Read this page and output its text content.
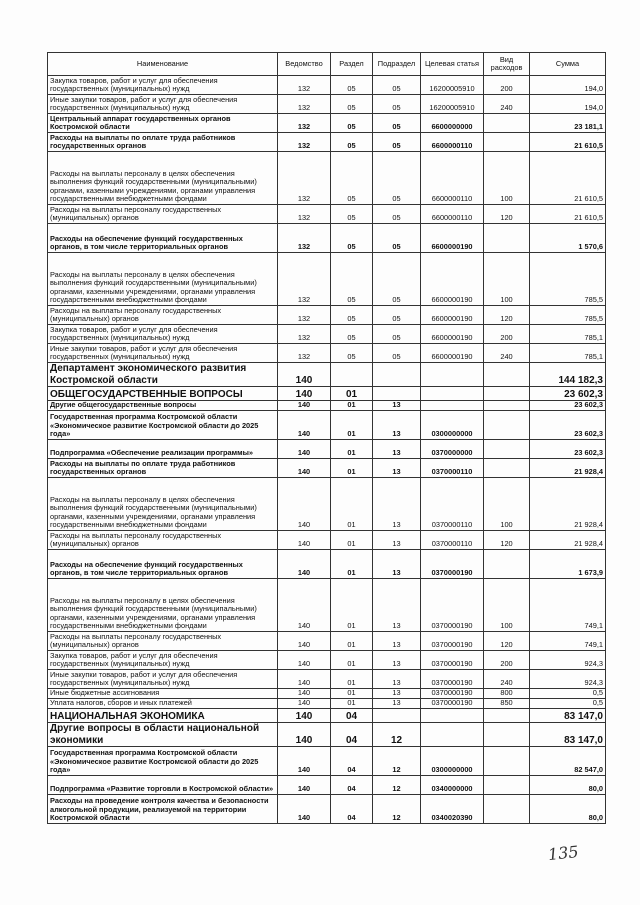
Наименование	Ведомство	Раздел	Подраздел	Целевая статья	Вид расходов	Сумма
Закупка товаров, работ и услуг для обеспечения государственных (муниципальных) нужд	132	05	05	16200005910	200	194,0
Иные закупки товаров, работ и услуг для обеспечения государственных (муниципальных) нужд	132	05	05	16200005910	240	194,0
Центральный аппарат государственных органов Костромской области	132	05	05	6600000000		23 181,1
Расходы на выплаты по оплате труда работников государственных органов	132	05	05	6600000110		21 610,5
Расходы на выплаты персоналу в целях обеспечения выполнения функций государственными (муниципальными) органами, казенными учреждениями, органами управления государственными внебюджетными фондами	132	05	05	6600000110	100	21 610,5
Расходы на выплаты персоналу государственных (муниципальных) органов	132	05	05	6600000110	120	21 610,5
Расходы на обеспечение функций государственных органов, в том числе территориальных органов	132	05	05	6600000190		1 570,6
Расходы на выплаты персоналу в целях обеспечения выполнения функций государственными (муниципальными) органами, казенными учреждениями, органами управления государственными внебюджетными фондами	132	05	05	6600000190	100	785,5
Расходы на выплаты персоналу государственных (муниципальных) органов	132	05	05	6600000190	120	785,5
Закупка товаров, работ и услуг для обеспечения государственных (муниципальных) нужд	132	05	05	6600000190	200	785,1
Иные закупки товаров, работ и услуг для обеспечения государственных (муниципальных) нужд	132	05	05	6600000190	240	785,1
Департамент экономического развития Костромской области	140					144 182,3
ОБЩЕГОСУДАРСТВЕННЫЕ ВОПРОСЫ	140	01				23 602,3
Другие общегосударственные вопросы	140	01	13			23 602,3
Государственная программа Костромской области «Экономическое развитие Костромской области до 2025 года»	140	01	13	0300000000		23 602,3
Подпрограмма «Обеспечение реализации программы»	140	01	13	0370000000		23 602,3
Расходы на выплаты по оплате труда работников государственных органов	140	01	13	0370000110		21 928,4
Расходы на выплаты персоналу в целях обеспечения выполнения функций государственными (муниципальными) органами, казенными учреждениями, органами управления государственными внебюджетными фондами	140	01	13	0370000110	100	21 928,4
Расходы на выплаты персоналу государственных (муниципальных) органов	140	01	13	0370000110	120	21 928,4
Расходы на обеспечение функций государственных органов, в том числе территориальных органов	140	01	13	0370000190		1 673,9
Расходы на выплаты персоналу в целях обеспечения выполнения функций государственными (муниципальными) органами, казенными учреждениями, органами управления государственными внебюджетными фондами	140	01	13	0370000190	100	749,1
Расходы на выплаты персоналу государственных (муниципальных) органов	140	01	13	0370000190	120	749,1
Закупка товаров, работ и услуг для обеспечения государственных (муниципальных) нужд	140	01	13	0370000190	200	924,3
Иные закупки товаров, работ и услуг для обеспечения государственных (муниципальных) нужд	140	01	13	0370000190	240	924,3
Иные бюджетные ассигнования	140	01	13	0370000190	800	0,5
Уплата налогов, сборов и иных платежей	140	01	13	0370000190	850	0,5
НАЦИОНАЛЬНАЯ ЭКОНОМИКА	140	04				83 147,0
Другие вопросы в области национальной экономики	140	04	12			83 147,0
Государственная программа Костромской области «Экономическое развитие Костромской области до 2025 года»	140	04	12	0300000000		82 547,0
Подпрограмма «Развитие торговли в Костромской области»	140	04	12	0340000000		80,0
Расходы на проведение контроля качества и безопасности алкогольной продукции, реализуемой на территории Костромской области	140	04	12	0340020390		80,0
135
